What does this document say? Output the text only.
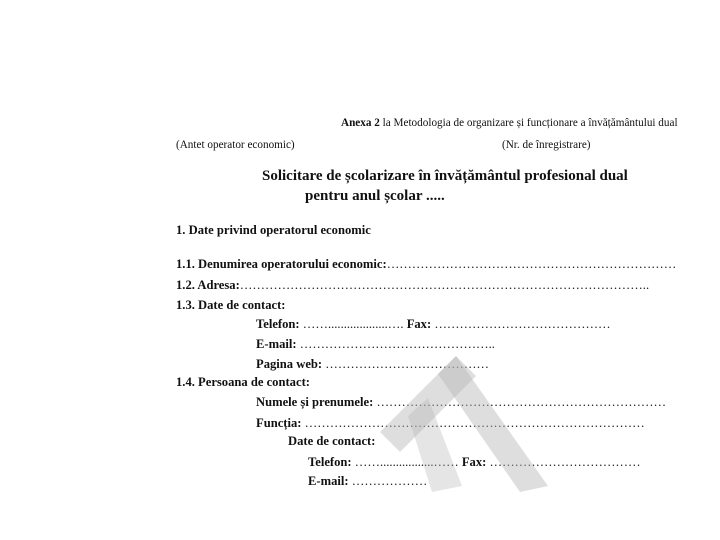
Anexa 2 la Metodologia de organizare și funcționare a învățământului dual
(Antet operator economic)	(Nr. de înregistrare)
Solicitare de școlarizare în învățământul profesional dual
pentru anul școlar .....
1. Date privind operatorul economic
1.1. Denumirea operatorului economic:……………………………………………………………
1.2. Adresa:……………………………………………………………………………………..
1.3. Date de contact:
Telefon: ……...................…. Fax: ……………………………………
E-mail: ………………………………………..
Pagina web: …………………………………
1.4. Persoana de contact:
Numele și prenumele: ……………………………………………………………
Funcția: ………………………………………………………………………
Date de contact:
Telefon: …….................…… Fax: ………………………………
E-mail: ………………
